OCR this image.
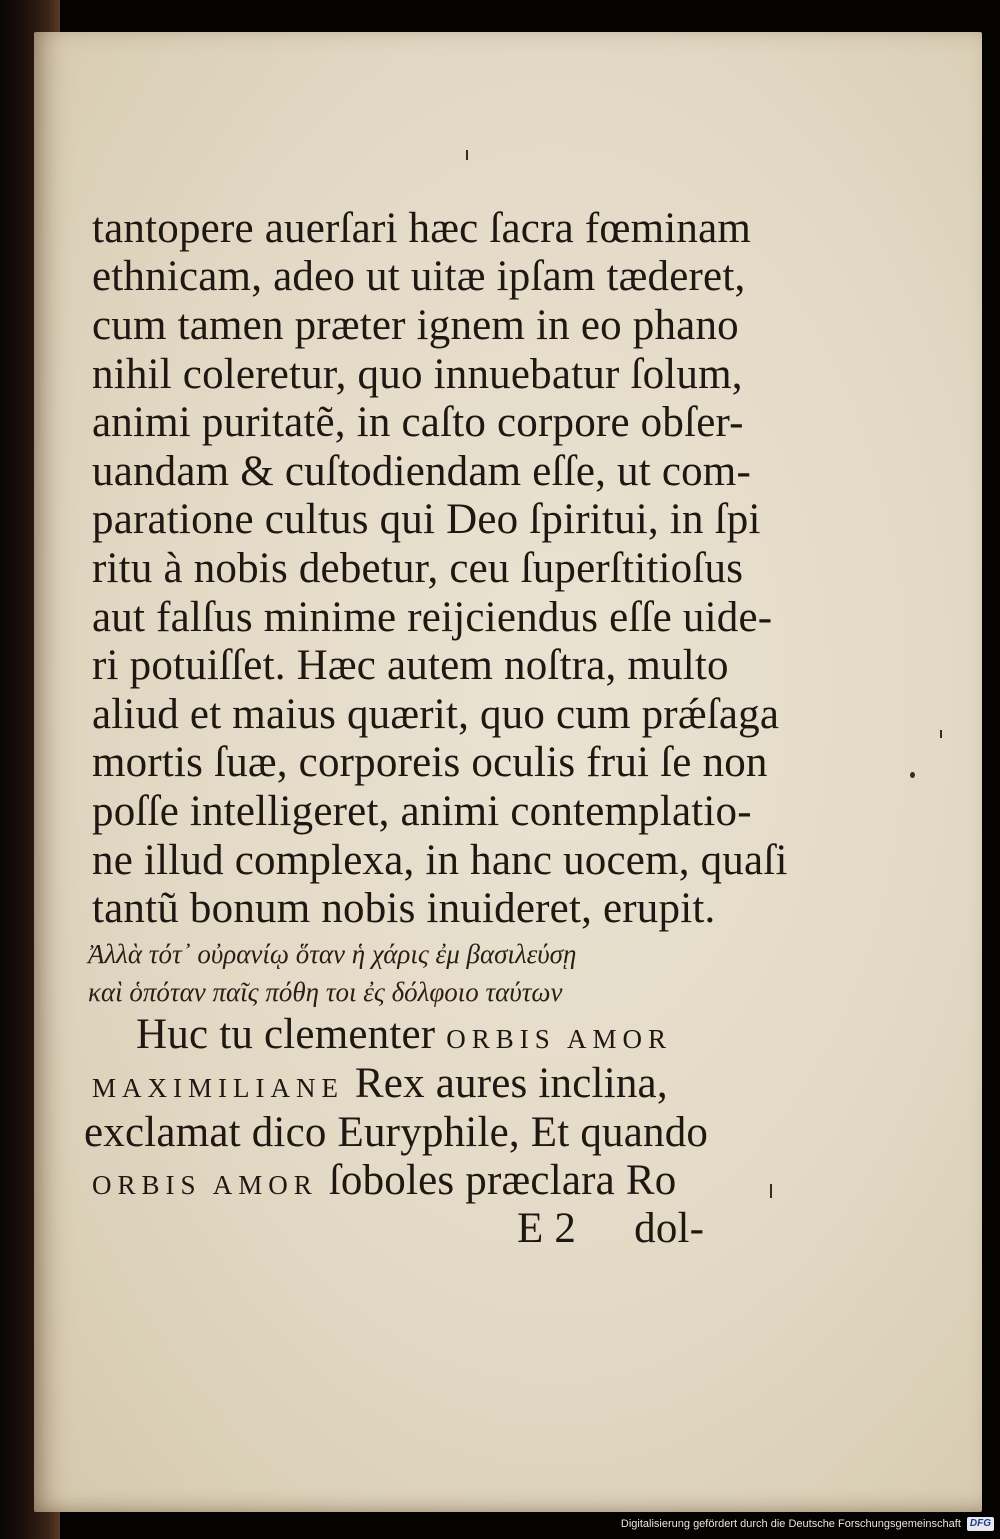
tantopere auerſari hæc ſacra fœminam
ethnicam, adeo ut uitæ ipſam tæderet,
cum tamen præter ignem in eo phano
nihil coleretur, quo innuebatur ſolum,
animi puritatẽ, in caſto corpore obſer-
uandam & cuſtodiendam eſſe, ut com-
paratione cultus qui Deo ſpiritui, in ſpi
ritu à nobis debetur, ceu ſuperſtitioſus
aut falſus minime reijciendus eſſe uide-
ri potuiſſet. Hæc autem noſtra, multo
aliud et maius quærit, quo cum prǽſaga
mortis ſuæ, corporeis oculis frui ſe non
poſſe intelligeret, animi contemplatio-
ne illud complexa, in hanc uocem, quaſi
tantũ bonum nobis inuideret, erupit.
Ἀλλὰ τότ᾽ οὐρανίῳ ὅταν ἡ χάρις ἐμ βασιλεύσῃ
καὶ ὁπόταν παῖς πόθη τοι ἐς δόλφοιο ταύτων
Huc tu clementer ORBIS AMOR
MAXIMILIANE Rex aures inclina,
exclamat dico Euryphile, Et quando
ORBIS AMOR ſoboles præclara Ro
E 2 dol-
Digitalisierung gefördert durch die Deutsche Forschungsgemeinschaft DFG
